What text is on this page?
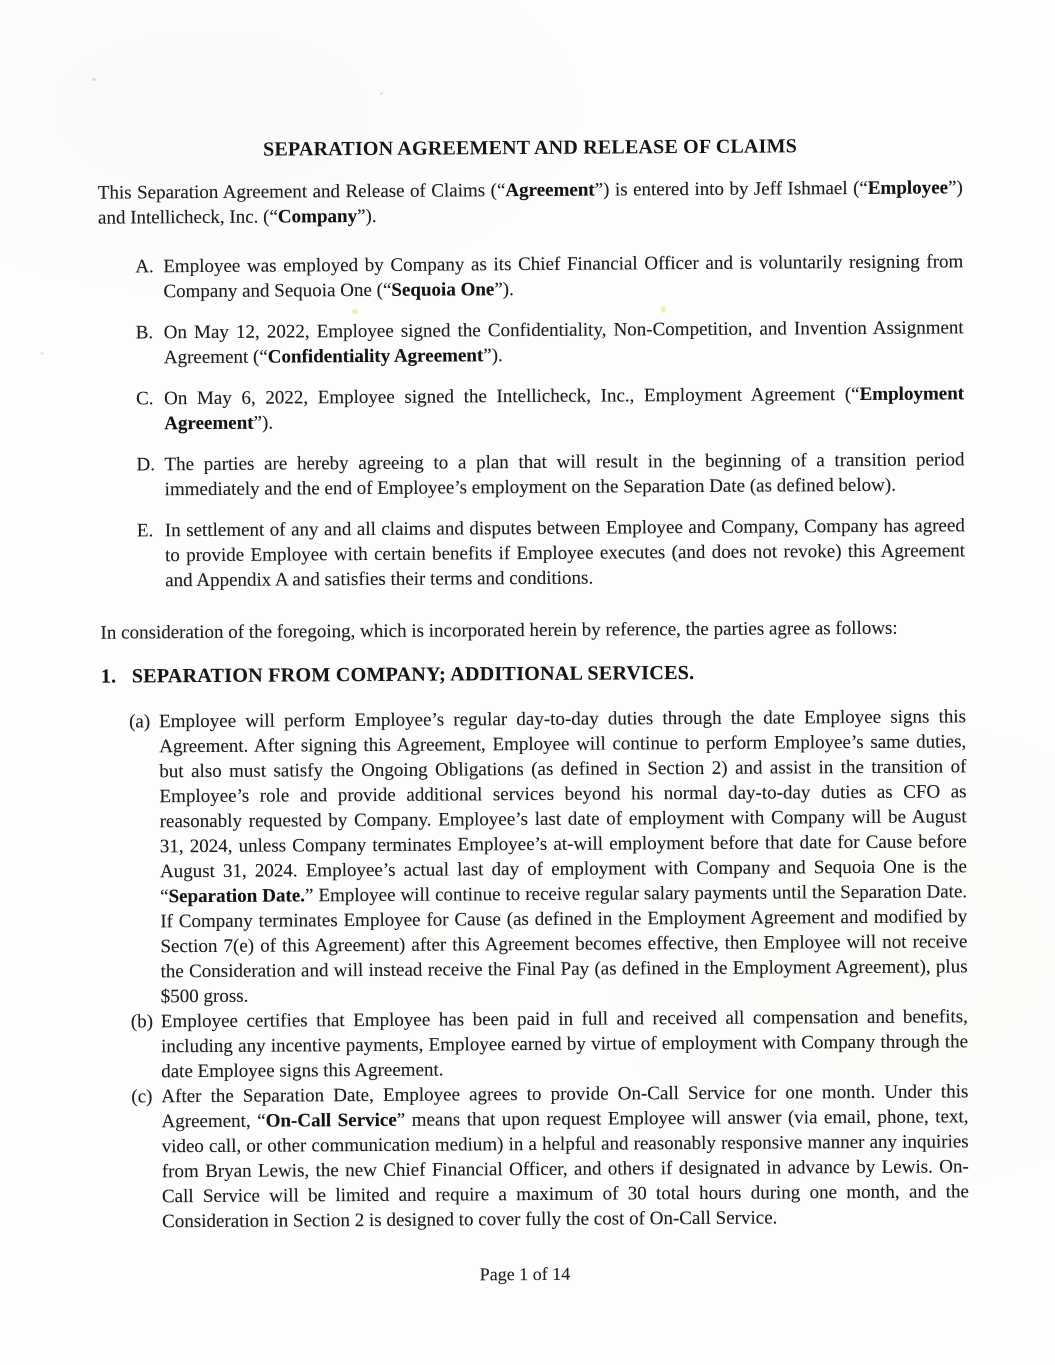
SEPARATION AGREEMENT AND RELEASE OF CLAIMS
This Separation Agreement and Release of Claims (“Agreement”) is entered into by Jeff Ishmael (“Employee”) and Intellicheck, Inc. (“Company”).
A. Employee was employed by Company as its Chief Financial Officer and is voluntarily resigning from Company and Sequoia One (“Sequoia One”).
B. On May 12, 2022, Employee signed the Confidentiality, Non-Competition, and Invention Assignment Agreement (“Confidentiality Agreement”).
C. On May 6, 2022, Employee signed the Intellicheck, Inc., Employment Agreement (“Employment Agreement”).
D. The parties are hereby agreeing to a plan that will result in the beginning of a transition period immediately and the end of Employee’s employment on the Separation Date (as defined below).
E. In settlement of any and all claims and disputes between Employee and Company, Company has agreed to provide Employee with certain benefits if Employee executes (and does not revoke) this Agreement and Appendix A and satisfies their terms and conditions.
In consideration of the foregoing, which is incorporated herein by reference, the parties agree as follows:
1. SEPARATION FROM COMPANY; ADDITIONAL SERVICES.
(a) Employee will perform Employee’s regular day-to-day duties through the date Employee signs this Agreement. After signing this Agreement, Employee will continue to perform Employee’s same duties, but also must satisfy the Ongoing Obligations (as defined in Section 2) and assist in the transition of Employee’s role and provide additional services beyond his normal day-to-day duties as CFO as reasonably requested by Company. Employee’s last date of employment with Company will be August 31, 2024, unless Company terminates Employee’s at-will employment before that date for Cause before August 31, 2024. Employee’s actual last day of employment with Company and Sequoia One is the “Separation Date.” Employee will continue to receive regular salary payments until the Separation Date. If Company terminates Employee for Cause (as defined in the Employment Agreement and modified by Section 7(e) of this Agreement) after this Agreement becomes effective, then Employee will not receive the Consideration and will instead receive the Final Pay (as defined in the Employment Agreement), plus $500 gross.
(b) Employee certifies that Employee has been paid in full and received all compensation and benefits, including any incentive payments, Employee earned by virtue of employment with Company through the date Employee signs this Agreement.
(c) After the Separation Date, Employee agrees to provide On-Call Service for one month. Under this Agreement, “On-Call Service” means that upon request Employee will answer (via email, phone, text, video call, or other communication medium) in a helpful and reasonably responsive manner any inquiries from Bryan Lewis, the new Chief Financial Officer, and others if designated in advance by Lewis. On-Call Service will be limited and require a maximum of 30 total hours during one month, and the Consideration in Section 2 is designed to cover fully the cost of On-Call Service.
Page 1 of 14
